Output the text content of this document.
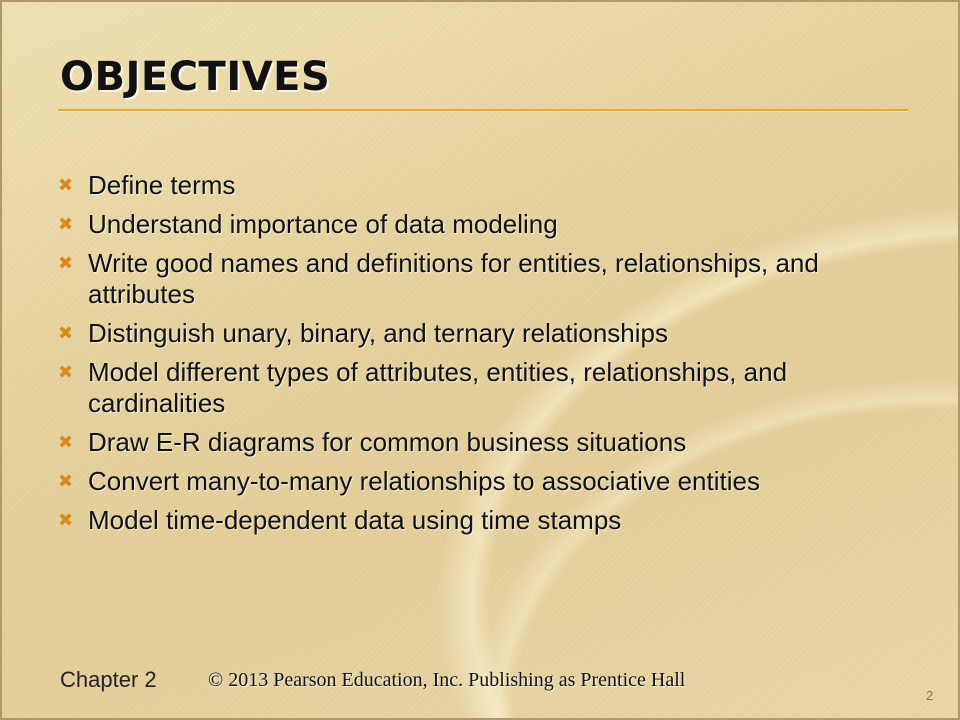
OBJECTIVES
✖ Define terms
✖ Understand importance of data modeling
✖ Write good names and definitions for entities, relationships, and attributes
✖ Distinguish unary, binary, and ternary relationships
✖ Model different types of attributes, entities, relationships, and cardinalities
✖ Draw E-R diagrams for common business situations
✖ Convert many-to-many relationships to associative entities
✖ Model time-dependent data using time stamps
Chapter 2	© 2013 Pearson Education, Inc. Publishing as Prentice Hall
2
